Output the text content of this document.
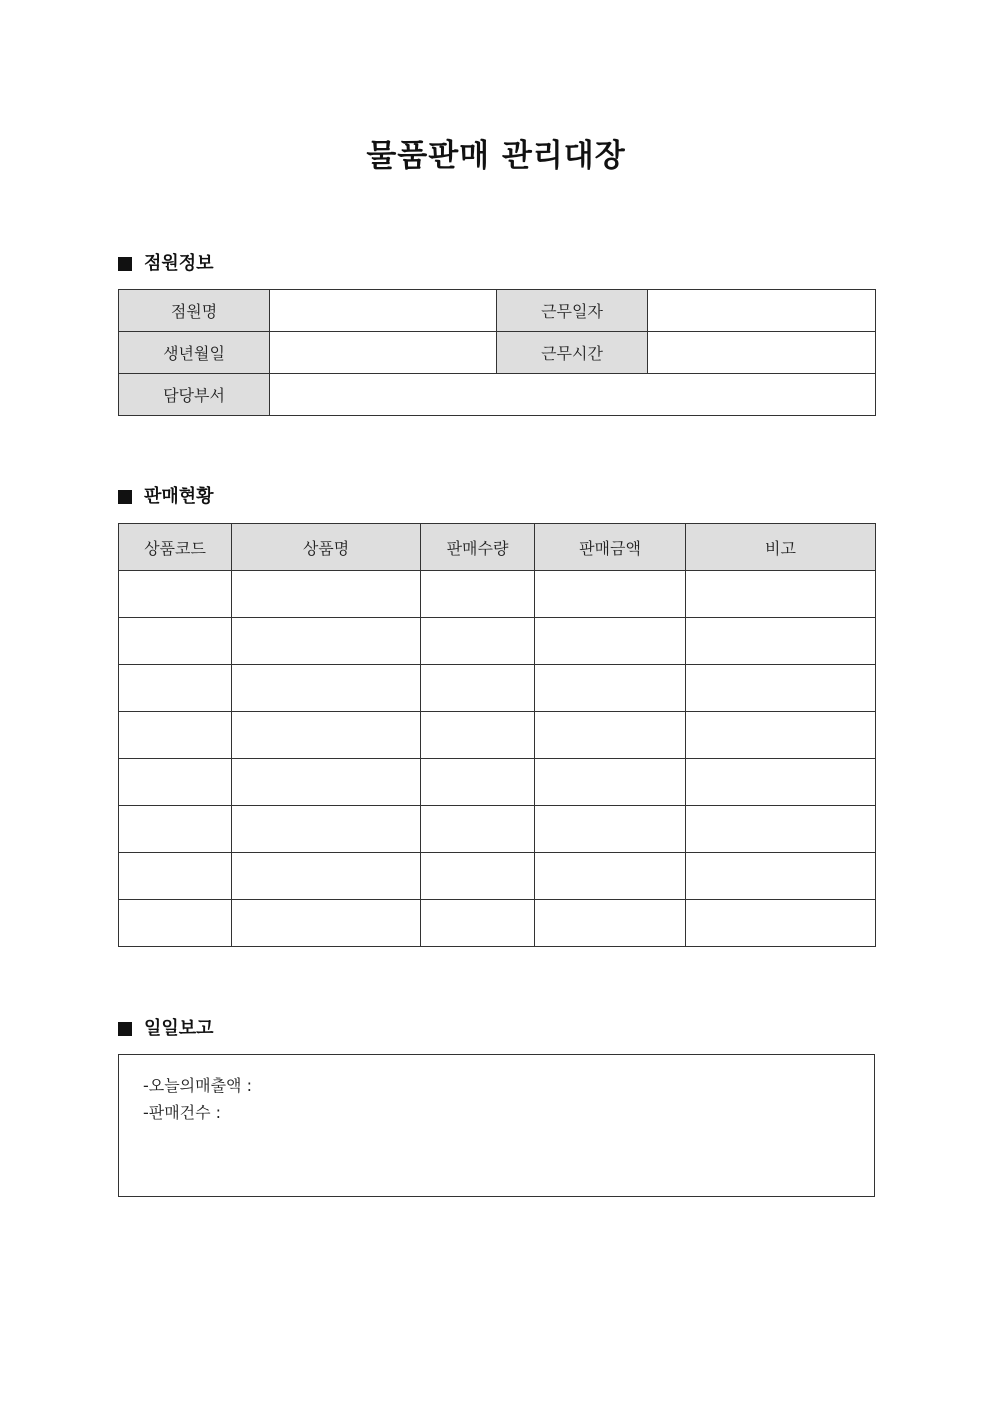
물품판매 관리대장
점원정보
점원명		근무일자	
생년월일		근무시간	
담당부서			
판매현황
상품코드	상품명	판매수량	판매금액	비고

일일보고
-오늘의매출액 :
-판매건수 :
